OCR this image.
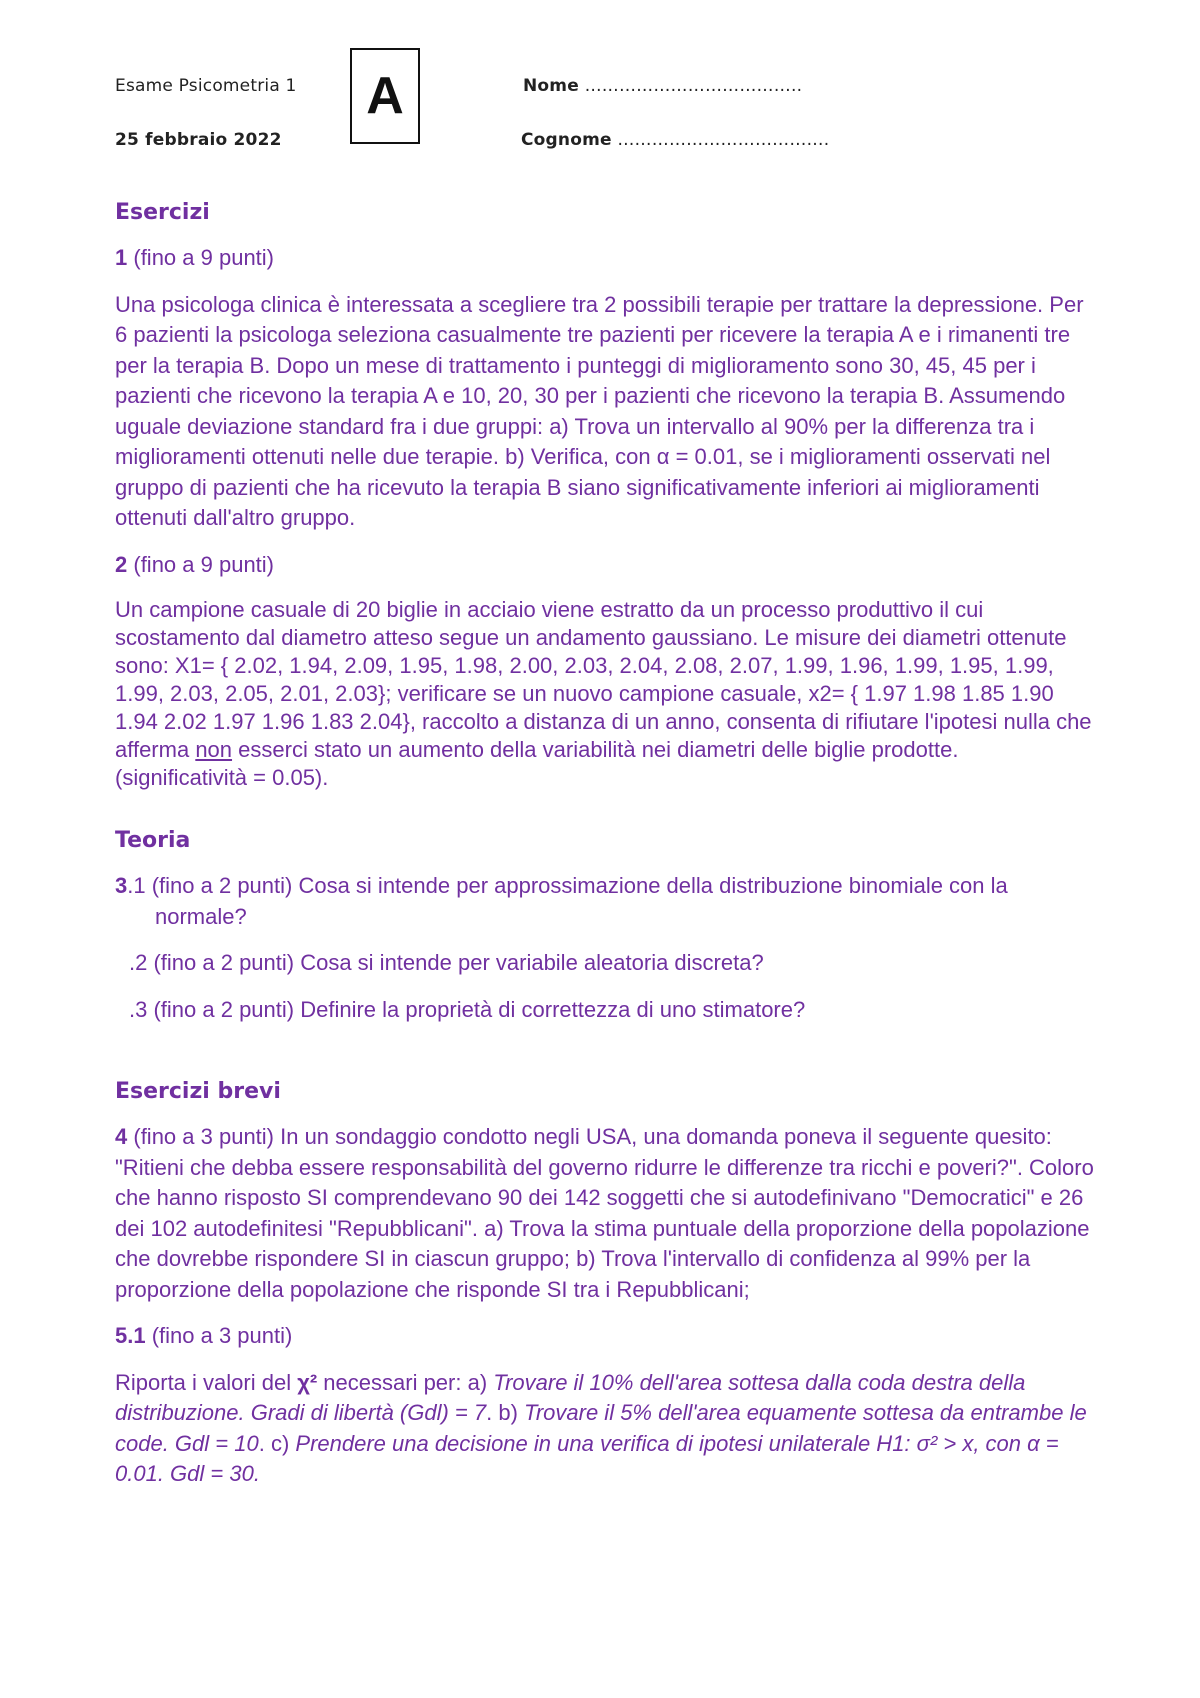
Esame Psicometria 1
25 febbraio 2022
A	Nome ………………………………..
Cognome ……………………………….
Esercizi
1 (fino a 9 punti)
Una psicologa clinica è interessata a scegliere tra 2 possibili terapie per trattare la depressione. Per 6 pazienti la psicologa seleziona casualmente tre pazienti per ricevere la terapia A e i rimanenti tre per la terapia B. Dopo un mese di trattamento i punteggi di miglioramento sono 30, 45, 45 per i pazienti che ricevono la terapia A e 10, 20, 30 per i pazienti che ricevono la terapia B. Assumendo uguale deviazione standard fra i due gruppi: a) Trova un intervallo al 90% per la differenza tra i miglioramenti ottenuti nelle due terapie. b) Verifica, con α = 0.01, se i miglioramenti osservati nel gruppo di pazienti che ha ricevuto la terapia B siano significativamente inferiori ai miglioramenti ottenuti dall'altro gruppo.
2 (fino a 9 punti)
Un campione casuale di 20 biglie in acciaio viene estratto da un processo produttivo il cui scostamento dal diametro atteso segue un andamento gaussiano. Le misure dei diametri ottenute sono: X1= { 2.02, 1.94, 2.09, 1.95, 1.98, 2.00, 2.03, 2.04, 2.08, 2.07, 1.99, 1.96, 1.99, 1.95, 1.99, 1.99, 2.03, 2.05, 2.01, 2.03}; verificare se un nuovo campione casuale, x2= { 1.97 1.98 1.85 1.90 1.94 2.02 1.97 1.96 1.83 2.04}, raccolto a distanza di un anno, consenta di rifiutare l'ipotesi nulla che afferma non esserci stato un aumento della variabilità nei diametri delle biglie prodotte. (significatività = 0.05).
Teoria
3.1 (fino a 2 punti) Cosa si intende per approssimazione della distribuzione binomiale con la normale?
.2 (fino a 2 punti) Cosa si intende per variabile aleatoria discreta?
.3 (fino a 2 punti) Definire la proprietà di correttezza di uno stimatore?
Esercizi brevi
4 (fino a 3 punti) In un sondaggio condotto negli USA, una domanda poneva il seguente quesito: "Ritieni che debba essere responsabilità del governo ridurre le differenze tra ricchi e poveri?". Coloro che hanno risposto SI comprendevano 90 dei 142 soggetti che si autodefinivano "Democratici" e 26 dei 102 autodefinitesi "Repubblicani". a) Trova la stima puntuale della proporzione della popolazione che dovrebbe rispondere SI in ciascun gruppo; b) Trova l'intervallo di confidenza al 99% per la proporzione della popolazione che risponde SI tra i Repubblicani;
5.1 (fino a 3 punti)
Riporta i valori del χ² necessari per: a) Trovare il 10% dell'area sottesa dalla coda destra della distribuzione. Gradi di libertà (Gdl) = 7. b) Trovare il 5% dell'area equamente sottesa da entrambe le code. Gdl = 10. c) Prendere una decisione in una verifica di ipotesi unilaterale H1: σ² > x, con α = 0.01. Gdl = 30.
